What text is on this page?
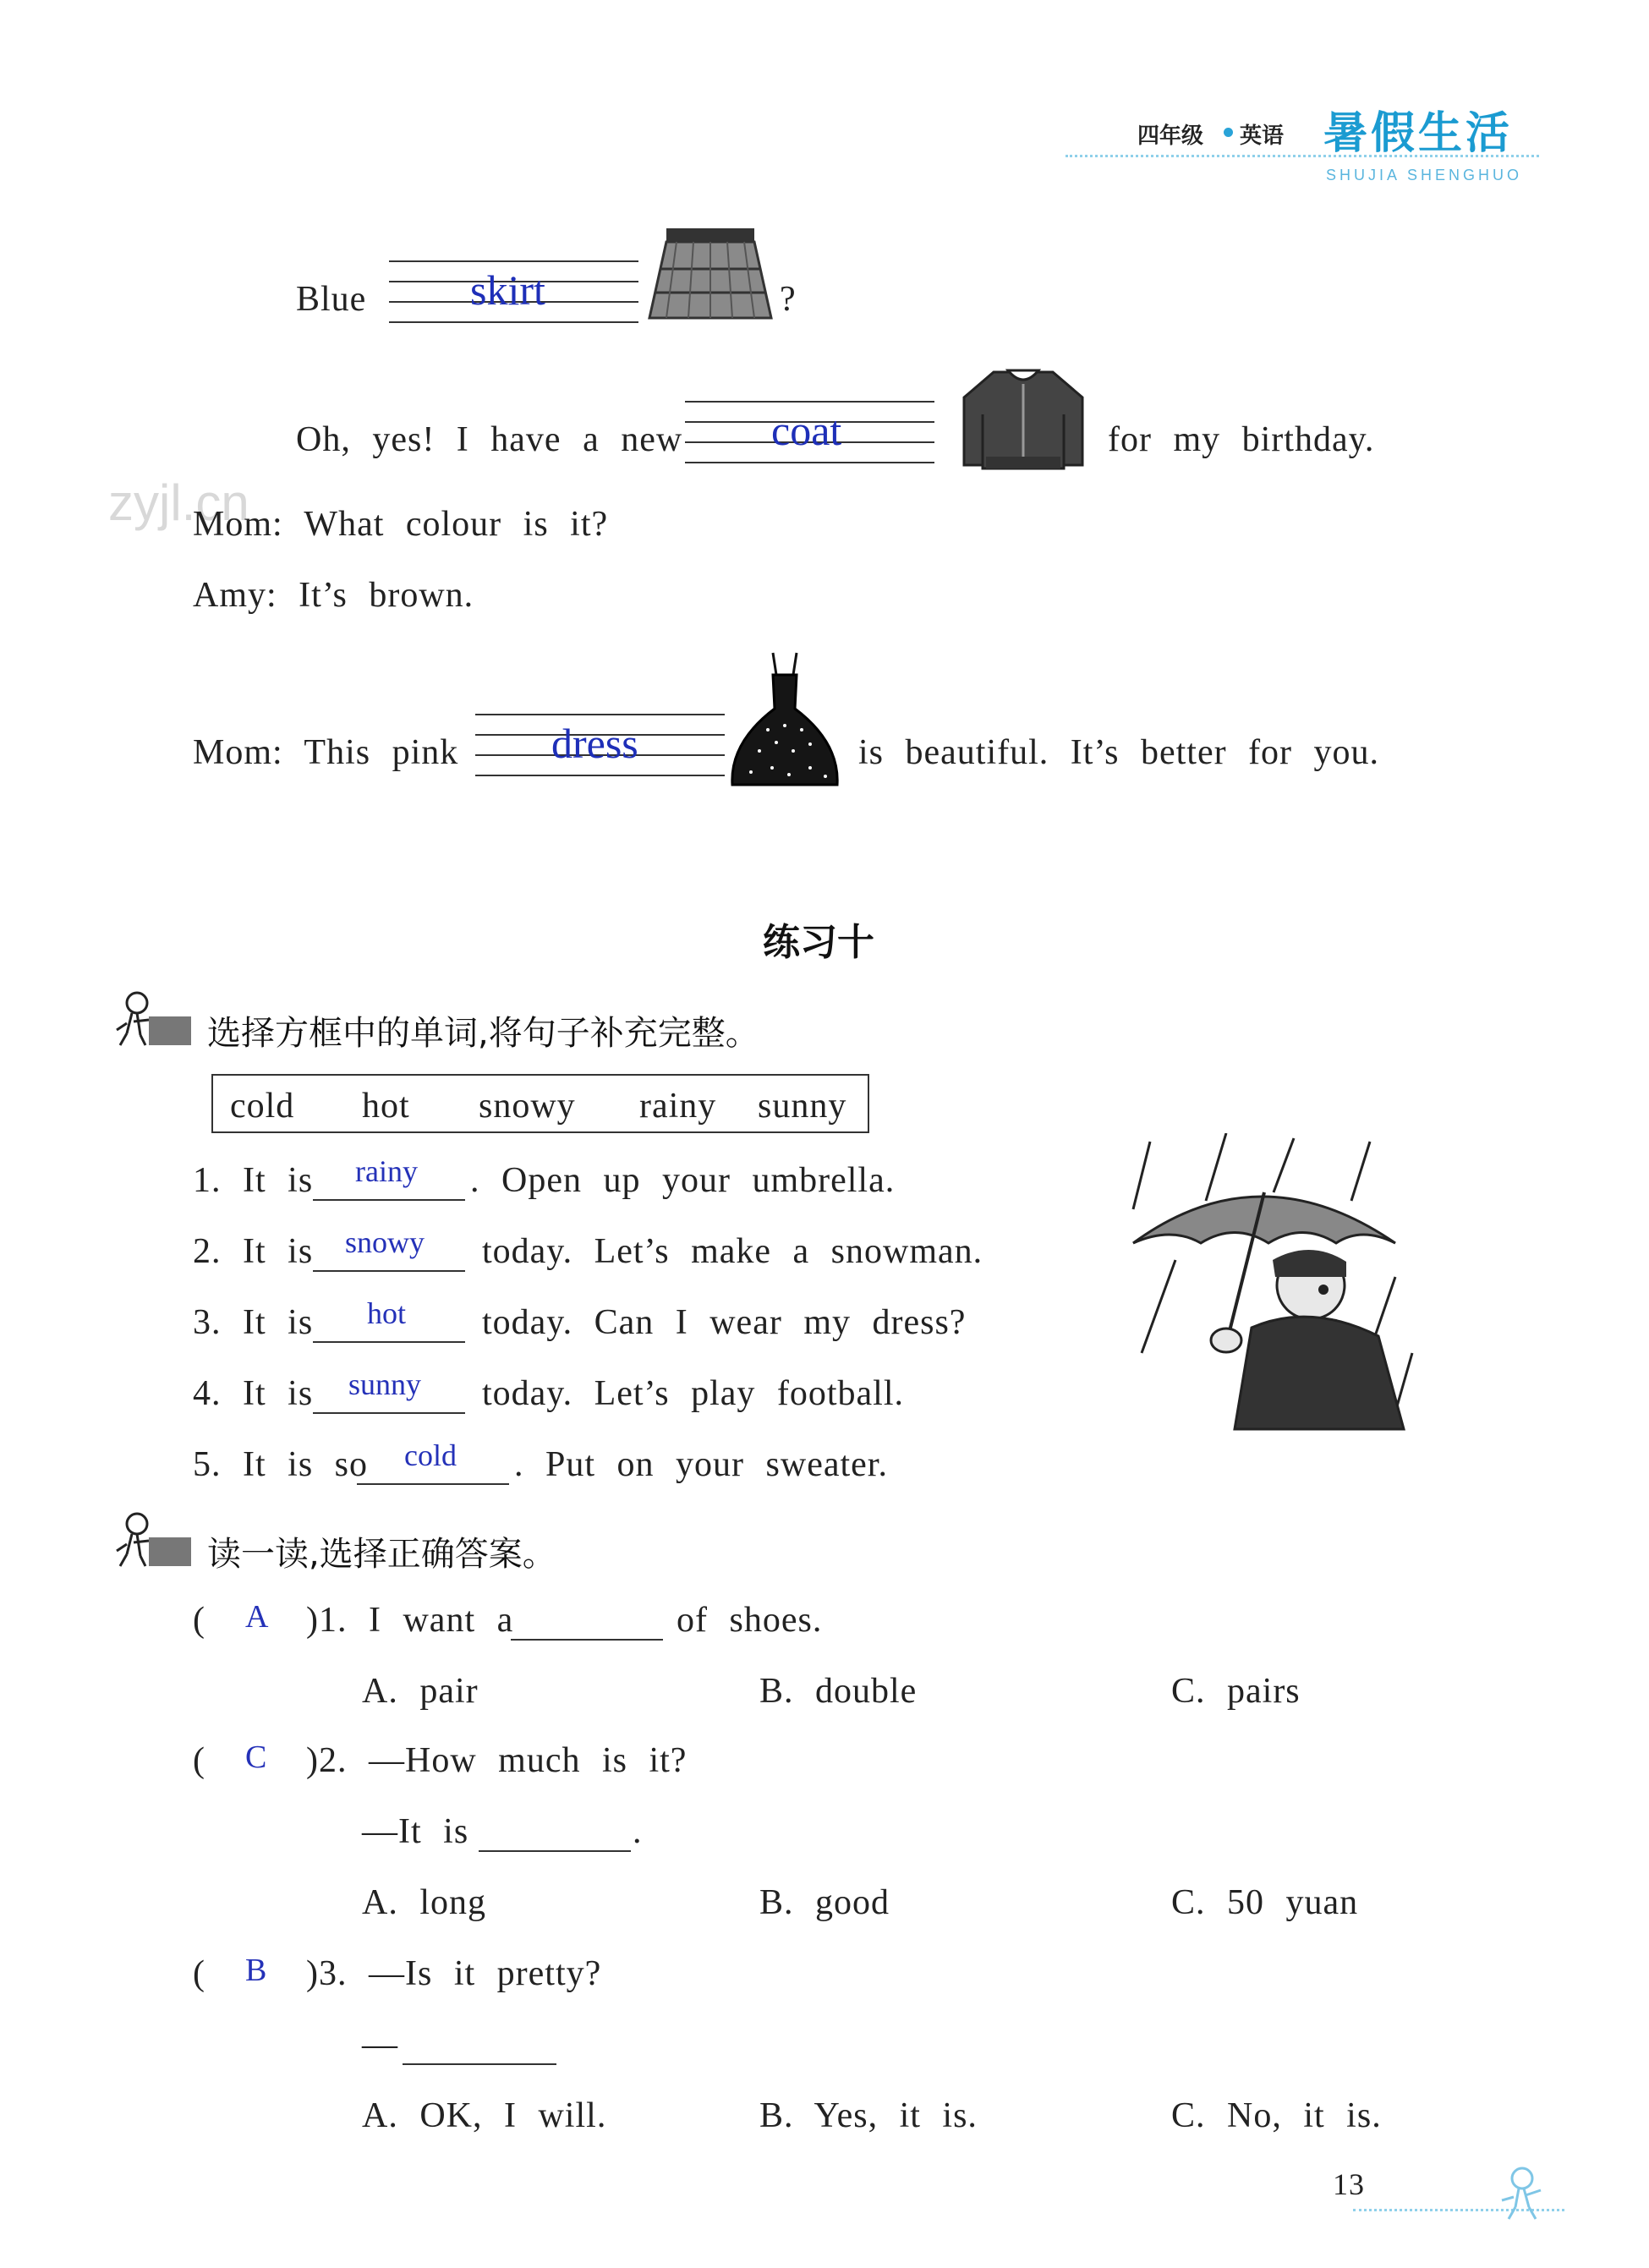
四年级 英语 暑假生活
SHUJIA SHENGHUO
zyjl.cn
Blue skirt	?
Oh, yes! I have a new coat	for my birthday.
Mom: What colour is it?
Amy: It’s brown.
Mom: This pink dress	is beautiful. It’s better for you.
练习十
选择方框中的单词,将句子补充完整。
cold hot snowy rainy sunny
1. It is rainy . Open up your umbrella.
2. It is snowy today. Let’s make a snowman.
3. It is hot today. Can I wear my dress?
4. It is sunny today. Let’s play football.
5. It is so cold . Put on your sweater.
读一读,选择正确答案。
( A )1. I want a	of shoes.
A. pair	B. double	C. pairs
( C )2. —How much is it?
—It is	.
A. long	B. good	C. 50 yuan
( B )3. —Is it pretty?
—
A. OK, I will.	B. Yes, it is.	C. No, it is.
13
